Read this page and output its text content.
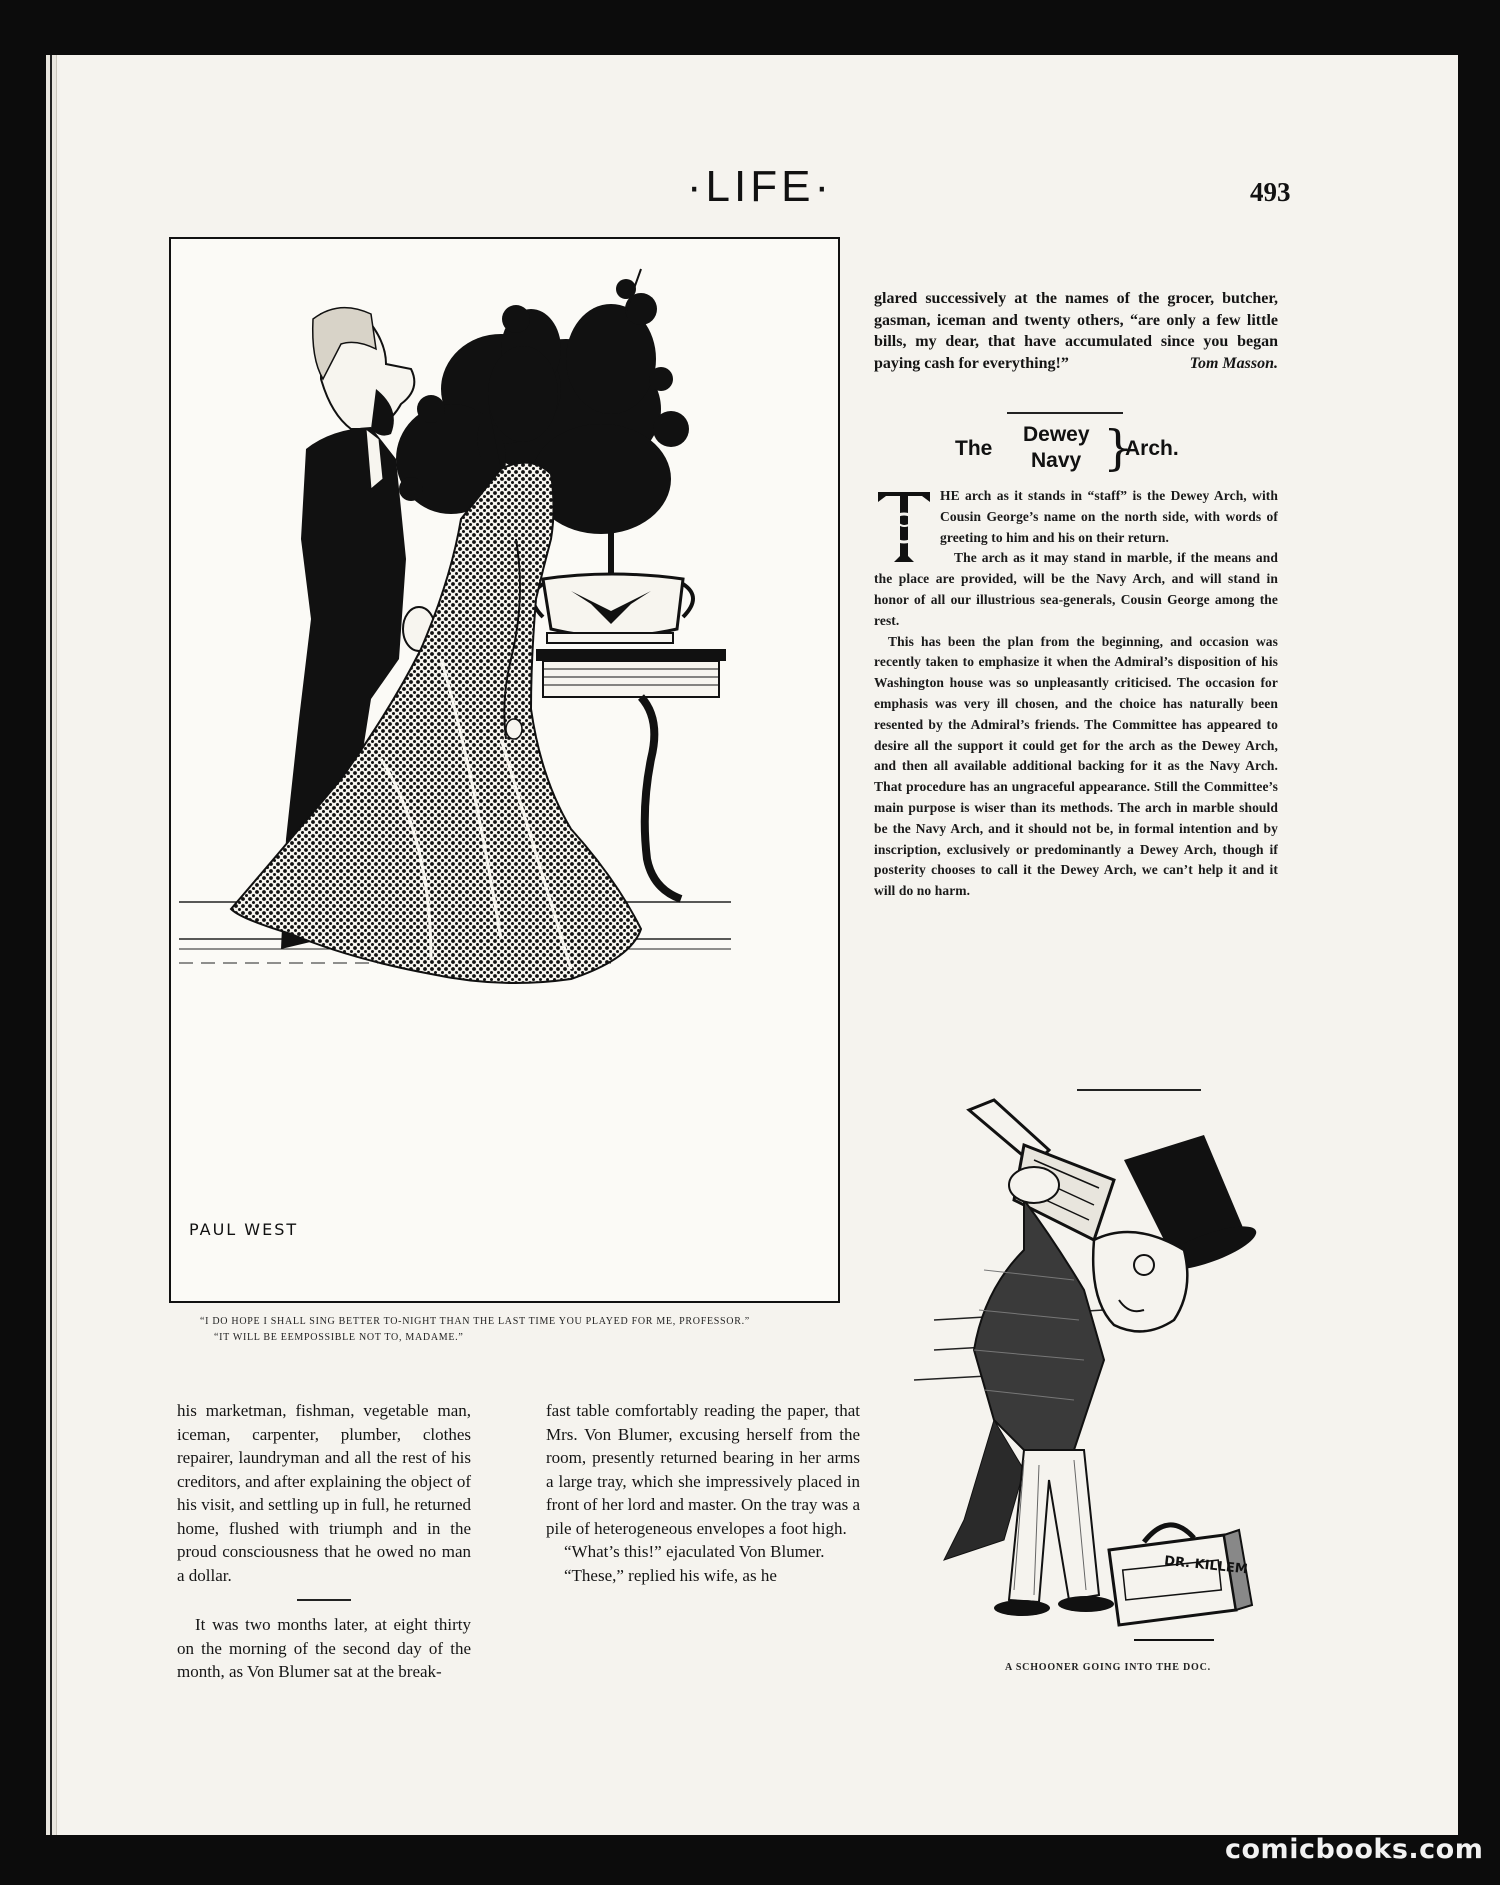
·LIFE·	493
PAUL WEST

“I DO HOPE I SHALL SING BETTER TO-NIGHT THAN THE LAST TIME YOU PLAYED FOR ME, PROFESSOR.”

“IT WILL BE EEMPOSSIBLE NOT TO, MADAME.”

his marketman, fishman, vegetable man, iceman, carpenter, plumber, clothes repairer, laundryman and all the rest of his creditors, and after explaining the object of his visit, and settling up in full, he returned home, flushed with triumph and in the proud consciousness that he owed no man a dollar.

It was two months later, at eight thirty on the morning of the second day of the month, as Von Blumer sat at the break-

fast table comfortably reading the paper, that Mrs. Von Blumer, excusing herself from the room, presently returned bearing in her arms a large tray, which she impressively placed in front of her lord and master. On the tray was a pile of heterogeneous envelopes a foot high.

“What’s this!” ejaculated Von Blumer.

“These,” replied his wife, as he

glared successively at the names of the grocer, butcher, gasman, iceman and twenty others, “are only a few little bills, my dear, that have accumulated since you began paying cash for everything!”	Tom Masson.

The
Dewey
Navy }
Arch.

HE arch as it stands in “staff” is the Dewey Arch, with Cousin George’s name on the north side, with words of greeting to him and his on their return.

The arch as it may stand in marble, if the means and the place are provided, will be the Navy Arch, and will stand in honor of all our illustrious sea-generals, Cousin George among the rest.

This has been the plan from the beginning, and occasion was recently taken to emphasize it when the Admiral’s disposition of his Washington house was so unpleasantly criticised. The occasion for emphasis was very ill chosen, and the choice has naturally been resented by the Admiral’s friends. The Committee has appeared to desire all the support it could get for the arch as the Dewey Arch, and then all available additional backing for it as the Navy Arch. That procedure has an ungraceful appearance. Still the Committee’s main purpose is wiser than its methods. The arch in marble should be the Navy Arch, and it should not be, in formal intention and by inscription, exclusively or predominantly a Dewey Arch, though if posterity chooses to call it the Dewey Arch, we can’t help it and it will do no harm.

DR. KILLEM
A SCHOONER GOING INTO THE DOC.
comicbooks.com
